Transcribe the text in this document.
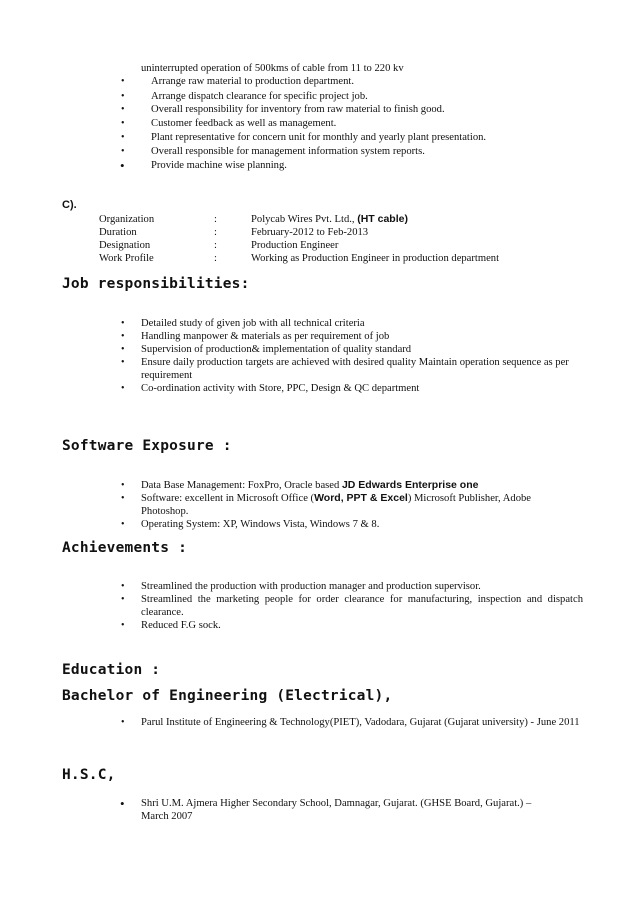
uninterrupted operation of 500kms of cable from 11 to 220 kv
• Arrange raw material to production department.
• Arrange dispatch clearance for specific project job.
• Overall responsibility for inventory from raw material to finish good.
• Customer feedback as well as management.
• Plant representative for concern unit for monthly and yearly plant presentation.
• Overall responsible for management information system reports.
• Provide machine wise planning.
C).
Organization	:	Polycab Wires Pvt. Ltd., (HT cable)
Duration	:	February-2012 to Feb-2013
Designation	:	Production Engineer
Work Profile	:	Working as Production Engineer in production department
Job responsibilities:
• Detailed study of given job with all technical criteria
• Handling manpower & materials as per requirement of job
• Supervision of production& implementation of quality standard
• Ensure daily production targets are achieved with desired quality Maintain operation sequence as per requirement
• Co-ordination activity with Store, PPC, Design & QC department
Software Exposure :
• Data Base Management: FoxPro, Oracle based JD Edwards Enterprise one
• Software: excellent in Microsoft Office (Word, PPT & Excel) Microsoft Publisher, Adobe Photoshop.
• Operating System: XP, Windows Vista, Windows 7 & 8.
Achievements :
• Streamlined the production with production manager and production supervisor.
• Streamlined the marketing people for order clearance for manufacturing, inspection and dispatch clearance.
• Reduced F.G sock.
Education :
Bachelor of Engineering (Electrical),
• Parul Institute of Engineering & Technology(PIET), Vadodara, Gujarat (Gujarat university) - June 2011
H.S.C,
• Shri U.M. Ajmera Higher Secondary School, Damnagar, Gujarat. (GHSE Board, Gujarat.) – March 2007
